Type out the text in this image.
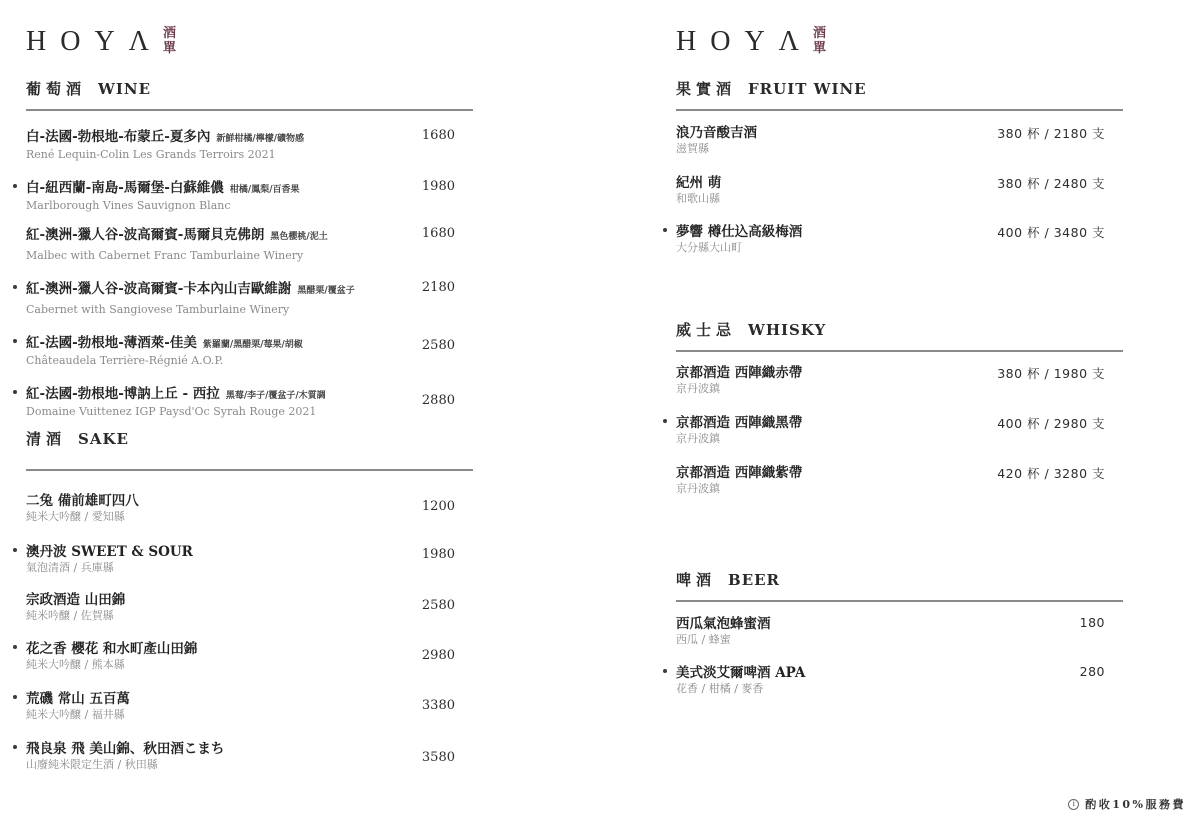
HOYΛ 酒
單
葡萄酒 WINE
白-法國-勃根地-布蒙丘-夏多內 新鮮柑橘/檸檬/礦物感
René Lequin-Colin Les Grands Terroirs 2021
1680
白-紐西蘭-南島-馬爾堡-白蘇維儂 柑橘/鳳梨/百香果
Marlborough Vines Sauvignon Blanc
1980
紅-澳洲-獵人谷-波高爾賓-馬爾貝克佛朗 黑色櫻桃/泥土
Malbec with Cabernet Franc Tamburlaine Winery
1680
紅-澳洲-獵人谷-波高爾賓-卡本內山吉歐維謝 黑醋栗/覆盆子
Cabernet with Sangiovese Tamburlaine Winery
2180
紅-法國-勃根地-薄酒萊-佳美 紫羅蘭/黑醋栗/莓果/胡椒
Châteaudela Terrière-Régnié A.O.P.
2580
紅-法國-勃根地-博訥上丘 - 西拉 黑莓/李子/覆盆子/木質調
Domaine Vuittenez IGP Paysd'Oc Syrah Rouge 2021
2880
清酒 SAKE
二兔 備前雄町四八
純米大吟醸 / 愛知縣
1200
澳丹波 SWEET & SOUR
氣泡清酒 / 兵庫縣
1980
宗政酒造 山田錦
純米吟醸 / 佐賀縣
2580
花之香 櫻花 和水町產山田錦
純米大吟醸 / 熊本縣
2980
荒磯 常山 五百萬
純米大吟醸 / 福井縣
3380
飛良泉 飛 美山錦、秋田酒こまち
山廢純米限定生酒 / 秋田縣	3580
HOYΛ 酒
單
果實酒 FRUIT WINE
浪乃音酸吉酒
滋賀縣
380 杯 / 2180 支
紀州 萌
和歌山縣
380 杯 / 2480 支
夢響 樽仕込高級梅酒
大分縣大山町
400 杯 / 3480 支
威士忌 WHISKY
京都酒造 西陣織赤帶
京丹波鎮
380 杯 / 1980 支
京都酒造 西陣織黑帶
京丹波鎮
400 杯 / 2980 支
京都酒造 西陣織紫帶
京丹波鎮
420 杯 / 3280 支
啤酒 BEER
西瓜氣泡蜂蜜酒
西瓜 / 蜂蜜
180
美式淡艾爾啤酒 APA
花香 / 柑橘 / 麥香
280
i 酌收10%服務費
